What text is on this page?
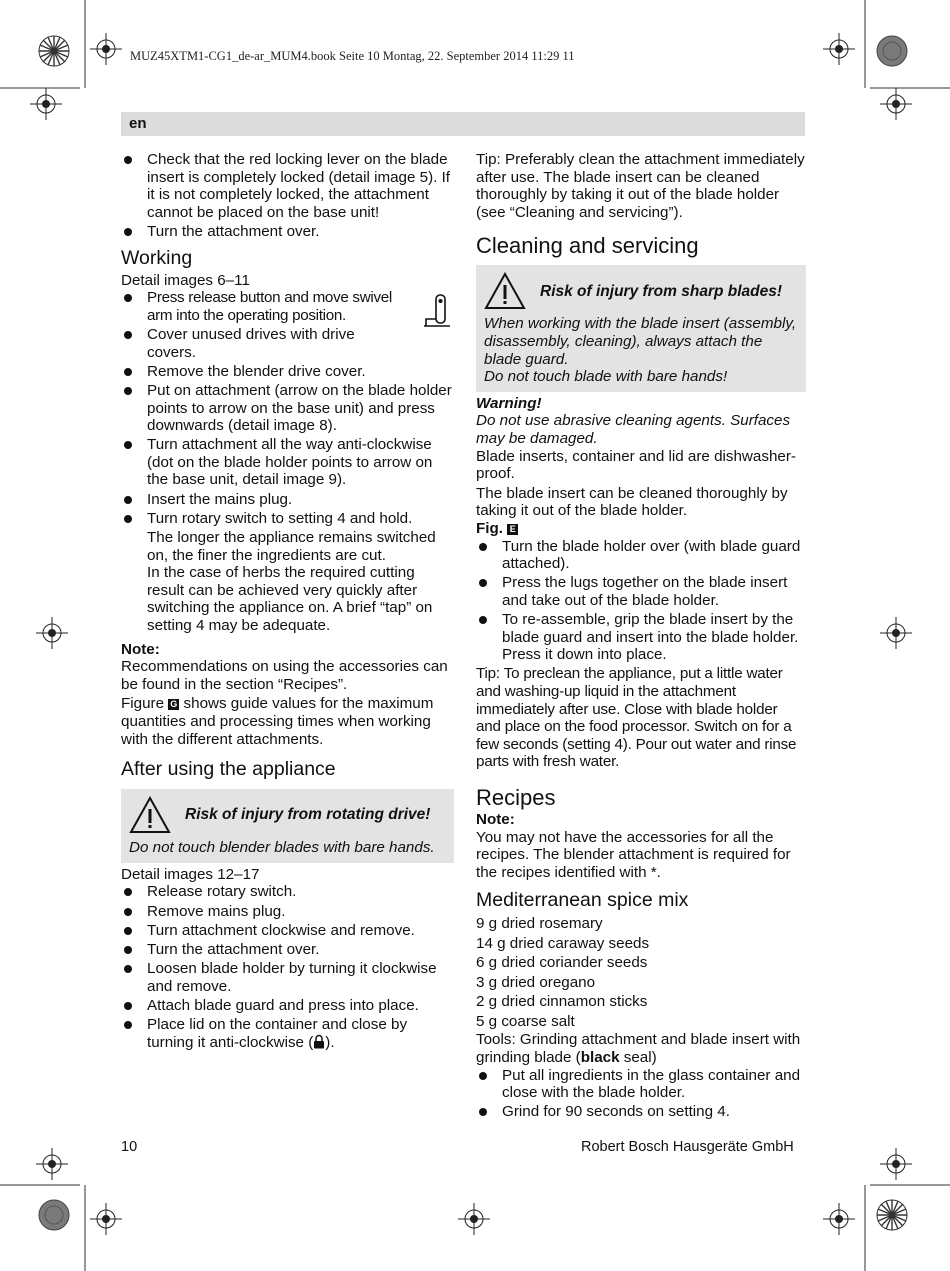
MUZ45XTM1-CG1_de-ar_MUM4.book Seite 10 Montag, 22. September 2014 11:29 11
en
Check that the red locking lever on the blade insert is completely locked (detail image 5). If it is not completely locked, the attachment cannot be placed on the base unit!
Turn the attachment over.
Working

Detail images 6–11

Press release button and move swivel arm into the operating position.
Cover unused drives with drive covers.
Remove the blender drive cover.
Put on attachment (arrow on the blade holder points to arrow on the base unit) and press downwards (detail image 8).
Turn attachment all the way anti-clockwise (dot on the blade holder points to arrow on the base unit, detail image 9).
Insert the mains plug.
Turn rotary switch to setting 4 and hold.

The longer the appliance remains switched on, the finer the ingredients are cut.

In the case of herbs the required cutting result can be achieved very quickly after switching the appliance on. A brief “tap” on setting 4 may be adequate.

Note:

Recommendations on using the accessories can be found in the section “Recipes”.

Figure G shows guide values for the maximum quantities and processing times when working with the different attachments.

After using the appliance
Risk of injury from rotating drive!
Do not touch blender blades with bare hands.

Detail images 12–17

Release rotary switch.
Remove mains plug.
Turn attachment clockwise and remove.
Turn the attachment over.
Loosen blade holder by turning it clockwise and remove.
Attach blade guard and press into place.
Place lid on the container and close by turning it anti-clockwise ( ).

Tip: Preferably clean the attachment immediately after use. The blade insert can be cleaned thoroughly by taking it out of the blade holder (see “Cleaning and servicing”).

Cleaning and servicing
Risk of injury from sharp blades!
When working with the blade insert (assembly, disassembly, cleaning), always attach the blade guard.
Do not touch blade with bare hands!

Warning!

Do not use abrasive cleaning agents. Surfaces may be damaged.

Blade inserts, container and lid are dishwasher-proof.

The blade insert can be cleaned thoroughly by taking it out of the blade holder.

Fig. E

Turn the blade holder over (with blade guard attached).
Press the lugs together on the blade insert and take out of the blade holder.
To re-assemble, grip the blade insert by the blade guard and insert into the blade holder. Press it down into place.

Tip: To preclean the appliance, put a little water and washing-up liquid in the attachment immediately after use. Close with blade holder and place on the food processor. Switch on for a few seconds (setting 4). Pour out water and rinse parts with fresh water.

Recipes

Note:

You may not have the accessories for all the recipes. The blender attachment is required for the recipes identified with *.

Mediterranean spice mix

9 g dried rosemary

14 g dried caraway seeds

6 g dried coriander seeds

3 g dried oregano

2 g dried cinnamon sticks

5 g coarse salt

Tools: Grinding attachment and blade insert with grinding blade (black seal)

Put all ingredients in the glass container and close with the blade holder.
Grind for 90 seconds on setting 4.
10	Robert Bosch Hausgeräte GmbH
